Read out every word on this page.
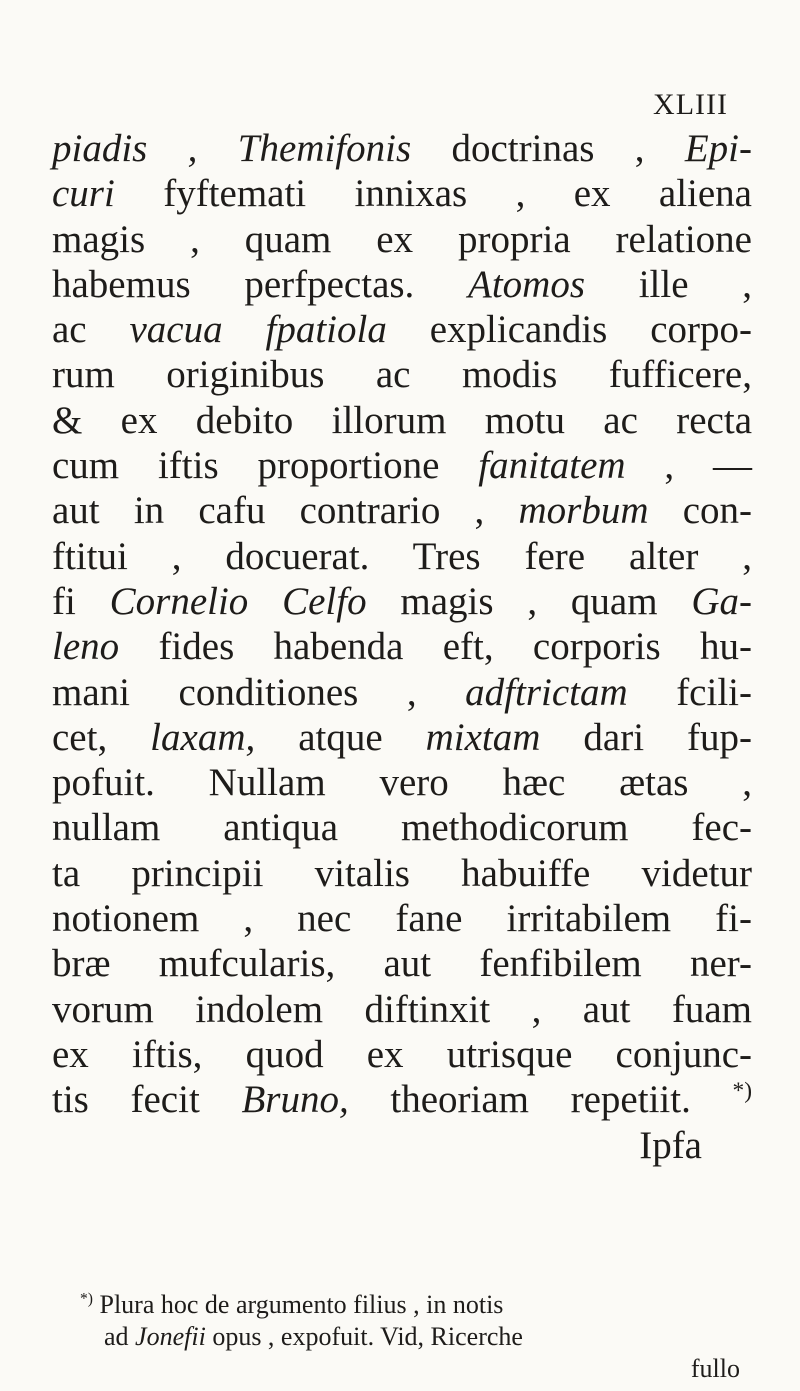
XLIII
piadis , Themifonis doctrinas , Epi-
curi fyftemati innixas , ex aliena
magis , quam ex propria relatione
habemus perfpectas. Atomos ille ,
ac vacua fpatiola explicandis corpo-
rum originibus ac modis fufficere,
& ex debito illorum motu ac recta
cum iftis proportione fanitatem , —
aut in cafu contrario , morbum con-
ftitui , docuerat. Tres fere alter ,
fi Cornelio Celfo magis , quam Ga-
leno fides habenda eft, corporis hu-
mani conditiones , adftrictam fcili-
cet, laxam, atque mixtam dari fup-
pofuit. Nullam vero hæc ætas ,
nullam antiqua methodicorum fec-
ta principii vitalis habuiffe videtur
notionem , nec fane irritabilem fi-
bræ mufcularis, aut fenfibilem ner-
vorum indolem diftinxit , aut fuam
ex iftis, quod ex utrisque conjunc-
tis fecit Bruno, theoriam repetiit. *)
Ipfa
*) Plura hoc de argumento filius , in notis
ad Jonefii opus , expofuit. Vid, Ricerche
fullo
